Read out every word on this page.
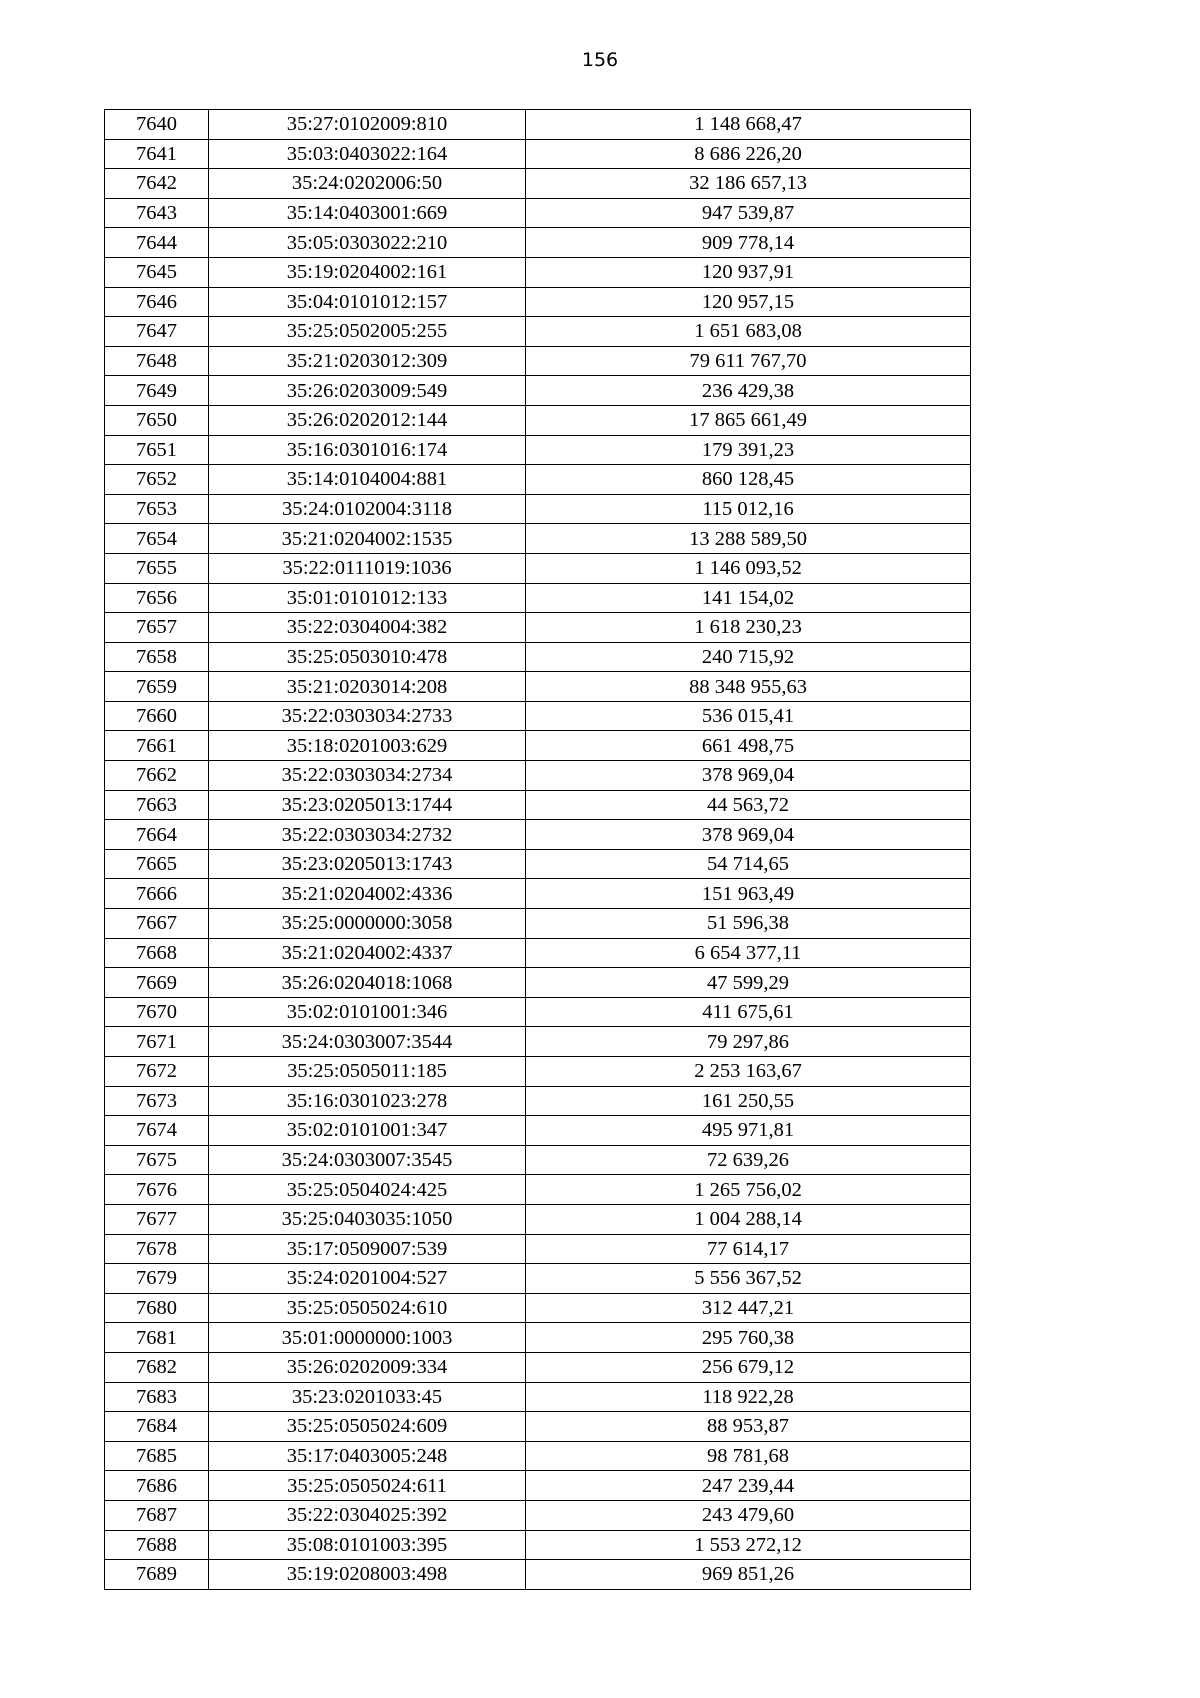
156
7640	35:27:0102009:810	1 148 668,47
7641	35:03:0403022:164	8 686 226,20
7642	35:24:0202006:50	32 186 657,13
7643	35:14:0403001:669	947 539,87
7644	35:05:0303022:210	909 778,14
7645	35:19:0204002:161	120 937,91
7646	35:04:0101012:157	120 957,15
7647	35:25:0502005:255	1 651 683,08
7648	35:21:0203012:309	79 611 767,70
7649	35:26:0203009:549	236 429,38
7650	35:26:0202012:144	17 865 661,49
7651	35:16:0301016:174	179 391,23
7652	35:14:0104004:881	860 128,45
7653	35:24:0102004:3118	115 012,16
7654	35:21:0204002:1535	13 288 589,50
7655	35:22:0111019:1036	1 146 093,52
7656	35:01:0101012:133	141 154,02
7657	35:22:0304004:382	1 618 230,23
7658	35:25:0503010:478	240 715,92
7659	35:21:0203014:208	88 348 955,63
7660	35:22:0303034:2733	536 015,41
7661	35:18:0201003:629	661 498,75
7662	35:22:0303034:2734	378 969,04
7663	35:23:0205013:1744	44 563,72
7664	35:22:0303034:2732	378 969,04
7665	35:23:0205013:1743	54 714,65
7666	35:21:0204002:4336	151 963,49
7667	35:25:0000000:3058	51 596,38
7668	35:21:0204002:4337	6 654 377,11
7669	35:26:0204018:1068	47 599,29
7670	35:02:0101001:346	411 675,61
7671	35:24:0303007:3544	79 297,86
7672	35:25:0505011:185	2 253 163,67
7673	35:16:0301023:278	161 250,55
7674	35:02:0101001:347	495 971,81
7675	35:24:0303007:3545	72 639,26
7676	35:25:0504024:425	1 265 756,02
7677	35:25:0403035:1050	1 004 288,14
7678	35:17:0509007:539	77 614,17
7679	35:24:0201004:527	5 556 367,52
7680	35:25:0505024:610	312 447,21
7681	35:01:0000000:1003	295 760,38
7682	35:26:0202009:334	256 679,12
7683	35:23:0201033:45	118 922,28
7684	35:25:0505024:609	88 953,87
7685	35:17:0403005:248	98 781,68
7686	35:25:0505024:611	247 239,44
7687	35:22:0304025:392	243 479,60
7688	35:08:0101003:395	1 553 272,12
7689	35:19:0208003:498	969 851,26
